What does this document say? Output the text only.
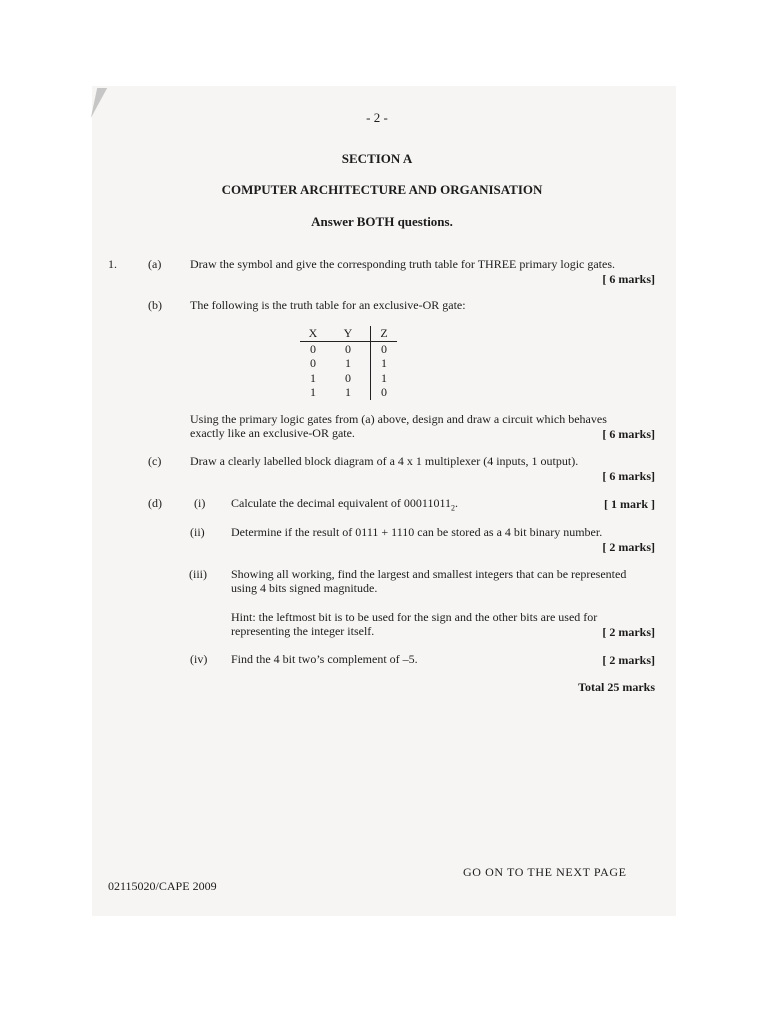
- 2 -
SECTION A
COMPUTER ARCHITECTURE AND ORGANISATION
Answer BOTH questions.
1.	(a) Draw the symbol and give the corresponding truth table for THREE primary logic gates.
[ 6 marks]
(b) The following is the truth table for an exclusive-OR gate:
X	Y	Z
0	0	0
0	1	1
1	0	1
1	1	0
Using the primary logic gates from (a) above, design and draw a circuit which behaves
exactly like an exclusive-OR gate.	[ 6 marks]
(c) Draw a clearly labelled block diagram of a 4 x 1 multiplexer (4 inputs, 1 output).
[ 6 marks]
(d)	(i) Calculate the decimal equivalent of $00011011_2$.	[ 1 mark ]
(ii) Determine if the result of 0111 + 1110 can be stored as a 4 bit binary number.
[ 2 marks]
(iii) Showing all working, find the largest and smallest integers that can be represented
using 4 bits signed magnitude.
Hint: the leftmost bit is to be used for the sign and the other bits are used for
representing the integer itself.	[ 2 marks]
(iv) Find the 4 bit two’s complement of –5.	[ 2 marks]
Total 25 marks
GO ON TO THE NEXT PAGE
02115020/CAPE 2009
